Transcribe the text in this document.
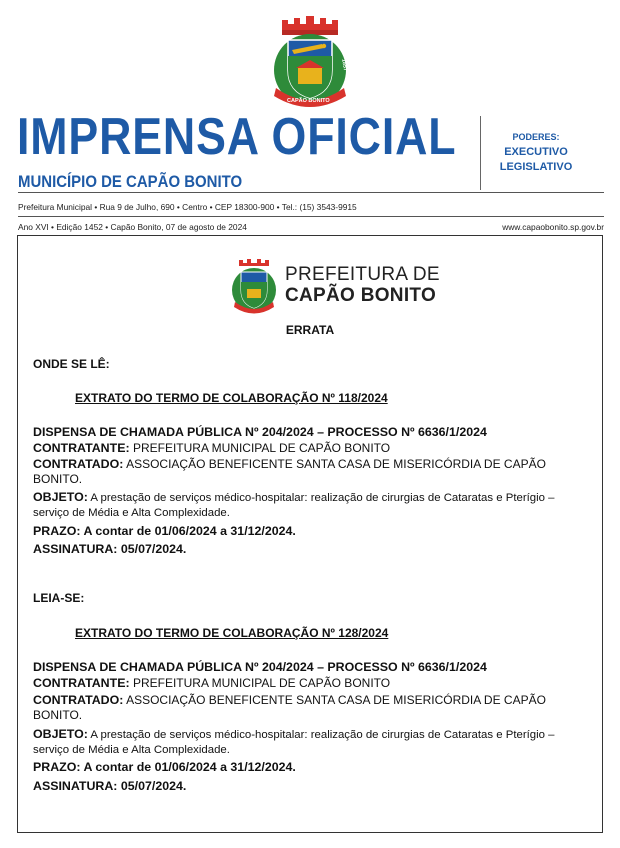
CAPÃO BONITO
1843	1857
IMPRENSA OFICIAL
MUNICÍPIO DE CAPÃO BONITO
PODERES:
EXECUTIVO
LEGISLATIVO
Prefeitura Municipal • Rua 9 de Julho, 690 • Centro • CEP 18300-900 • Tel.: (15) 3543-9915
Ano XVI • Edição 1452 • Capão Bonito, 07 de agosto de 2024	www.capaobonito.sp.gov.br
PREFEITURA DE
CAPÃO BONITO
ERRATA
ONDE SE LÊ:
EXTRATO DO TERMO DE COLABORAÇÃO Nº 118/2024
DISPENSA DE CHAMADA PÚBLICA Nº 204/2024 – PROCESSO Nº 6636/1/2024
CONTRATANTE: PREFEITURA MUNICIPAL DE CAPÃO BONITO
CONTRATADO: ASSOCIAÇÃO BENEFICENTE SANTA CASA DE MISERICÓRDIA DE CAPÃO BONITO.
OBJETO: A prestação de serviços médico-hospitalar: realização de cirurgias de Cataratas e Pterígio – serviço de Média e Alta Complexidade.
PRAZO: A contar de 01/06/2024 a 31/12/2024.
ASSINATURA: 05/07/2024.
LEIA-SE:
EXTRATO DO TERMO DE COLABORAÇÃO Nº 128/2024
DISPENSA DE CHAMADA PÚBLICA Nº 204/2024 – PROCESSO Nº 6636/1/2024
CONTRATANTE: PREFEITURA MUNICIPAL DE CAPÃO BONITO
CONTRATADO: ASSOCIAÇÃO BENEFICENTE SANTA CASA DE MISERICÓRDIA DE CAPÃO BONITO.
OBJETO: A prestação de serviços médico-hospitalar: realização de cirurgias de Cataratas e Pterígio – serviço de Média e Alta Complexidade.
PRAZO: A contar de 01/06/2024 a 31/12/2024.
ASSINATURA: 05/07/2024.
